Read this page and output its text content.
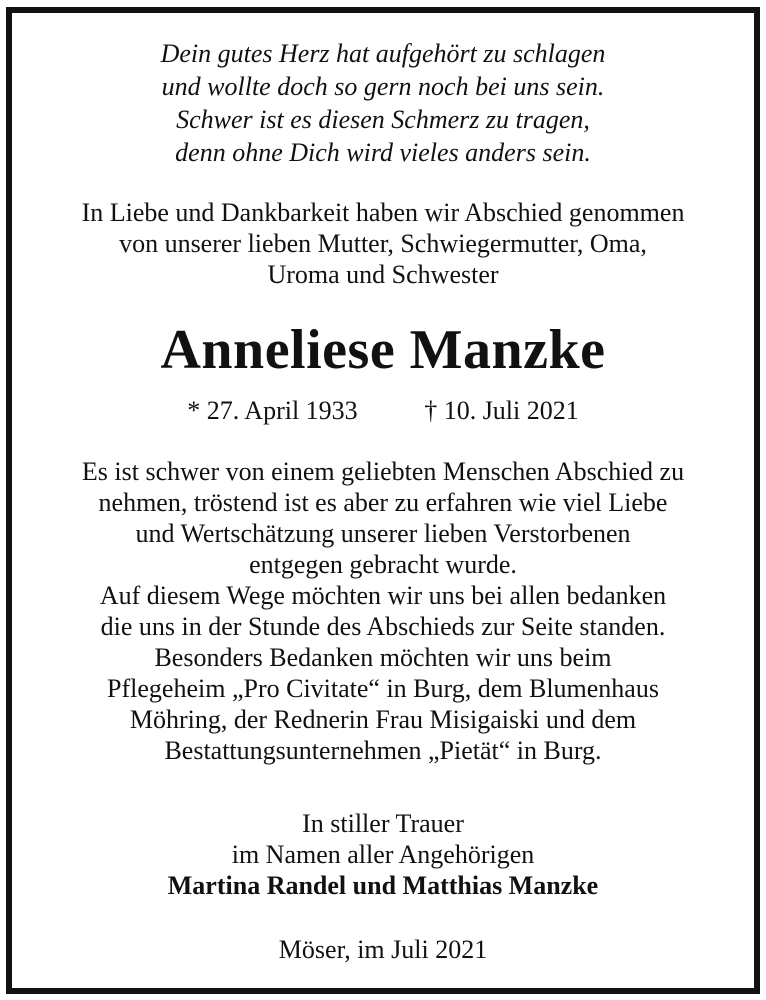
Dein gutes Herz hat aufgehört zu schlagen
und wollte doch so gern noch bei uns sein.
Schwer ist es diesen Schmerz zu tragen,
denn ohne Dich wird vieles anders sein.
In Liebe und Dankbarkeit haben wir Abschied genommen
von unserer lieben Mutter, Schwiegermutter, Oma,
Uroma und Schwester
Anneliese Manzke
* 27. April 1933	† 10. Juli 2021
Es ist schwer von einem geliebten Menschen Abschied zu
nehmen, tröstend ist es aber zu erfahren wie viel Liebe
und Wertschätzung unserer lieben Verstorbenen
entgegen gebracht wurde.
Auf diesem Wege möchten wir uns bei allen bedanken
die uns in der Stunde des Abschieds zur Seite standen.
Besonders Bedanken möchten wir uns beim
Pflegeheim „Pro Civitate“ in Burg, dem Blumenhaus
Möhring, der Rednerin Frau Misigaiski und dem
Bestattungsunternehmen „Pietät“ in Burg.
In stiller Trauer
im Namen aller Angehörigen
Martina Randel und Matthias Manzke
Möser, im Juli 2021
